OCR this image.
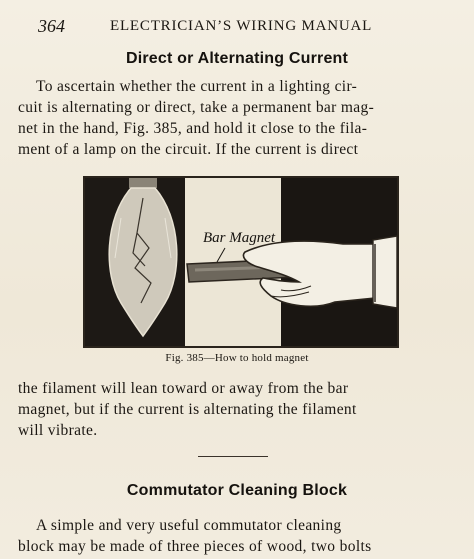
364	ELECTRICIAN’S WIRING MANUAL
Direct or Alternating Current
To ascertain whether the current in a lighting cir-
cuit is alternating or direct, take a permanent bar mag-
net in the hand, Fig. 385, and hold it close to the fila-
ment of a lamp on the circuit. If the current is direct
Bar Magnet
Fig. 385—How to hold magnet
the filament will lean toward or away from the bar
magnet, but if the current is alternating the filament
will vibrate.
Commutator Cleaning Block
A simple and very useful commutator cleaning
block may be made of three pieces of wood, two bolts
